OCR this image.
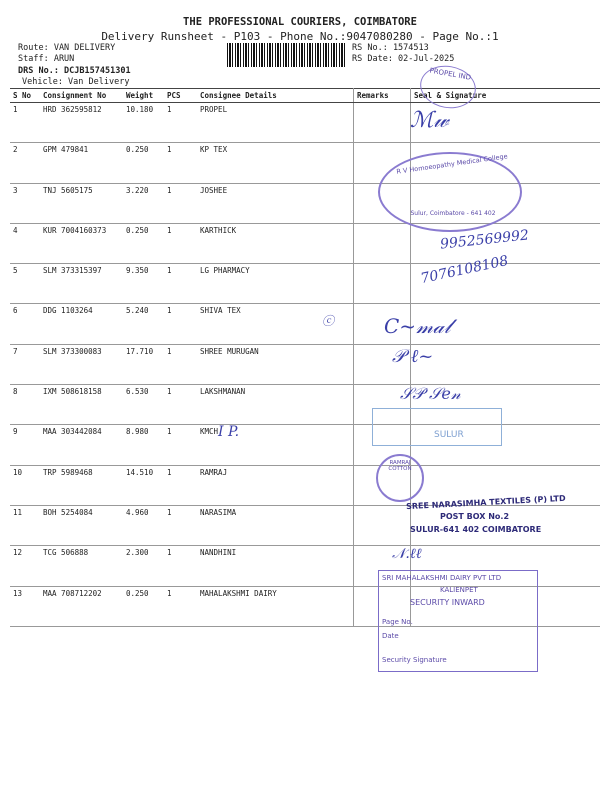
THE PROFESSIONAL COURIERS, COIMBATORE
Delivery Runsheet - P103 - Phone No.:9047080280 - Page No.:1
Route: VAN DELIVERY
Staff: ARUN
DRS No.: DCJB157451301
Vehicle: Van Delivery
RS No.: 1574513
RS Date: 02-Jul-2025
S No	Consignment No	Weight	PCS	Consignee Details	Remarks	Seal & Signature
1	HRD 362595812	10.180	1	PROPEL		
2	GPM 479841	0.250	1	KP TEX		
3	TNJ 5605175	3.220	1	JOSHEE		
4	KUR 7004160373	0.250	1	KARTHICK		
5	SLM 373315397	9.350	1	LG PHARMACY		
6	DDG 1103264	5.240	1	SHIVA TEX		
7	SLM 373300083	17.710	1	SHREE MURUGAN		
8	IXM 508618158	6.530	1	LAKSHMANAN		
9	MAA 303442084	8.980	1	KMCH		
10	TRP 5989468	14.510	1	RAMRAJ		
11	BOH 5254084	4.960	1	NARASIMA		
12	TCG 506888	2.300	1	NANDHINI		
13	MAA 708712202	0.250	1	MAHALAKSHMI DAIRY		
PROPEL IND
ℳ𝓌
R V Homoeopathy Medical College
Sulur, Coimbatore - 641 402
9952569992
7076108108
ⓒ C~𝓂𝒶𝓁
𝒫 ℓ~
𝒮𝒫 𝒮𝑒𝓃
SULUR
I P.
RAMRAJ COTTON
SREE NARASIMHA TEXTILES (P) LTD
POST BOX No.2
SULUR-641 402 COIMBATORE
𝒩.ℓℓ
SRI MAHALAKSHMI DAIRY PVT LTD
KALIENPET
SECURITY INWARD
Page No.
Date
Security Signature
